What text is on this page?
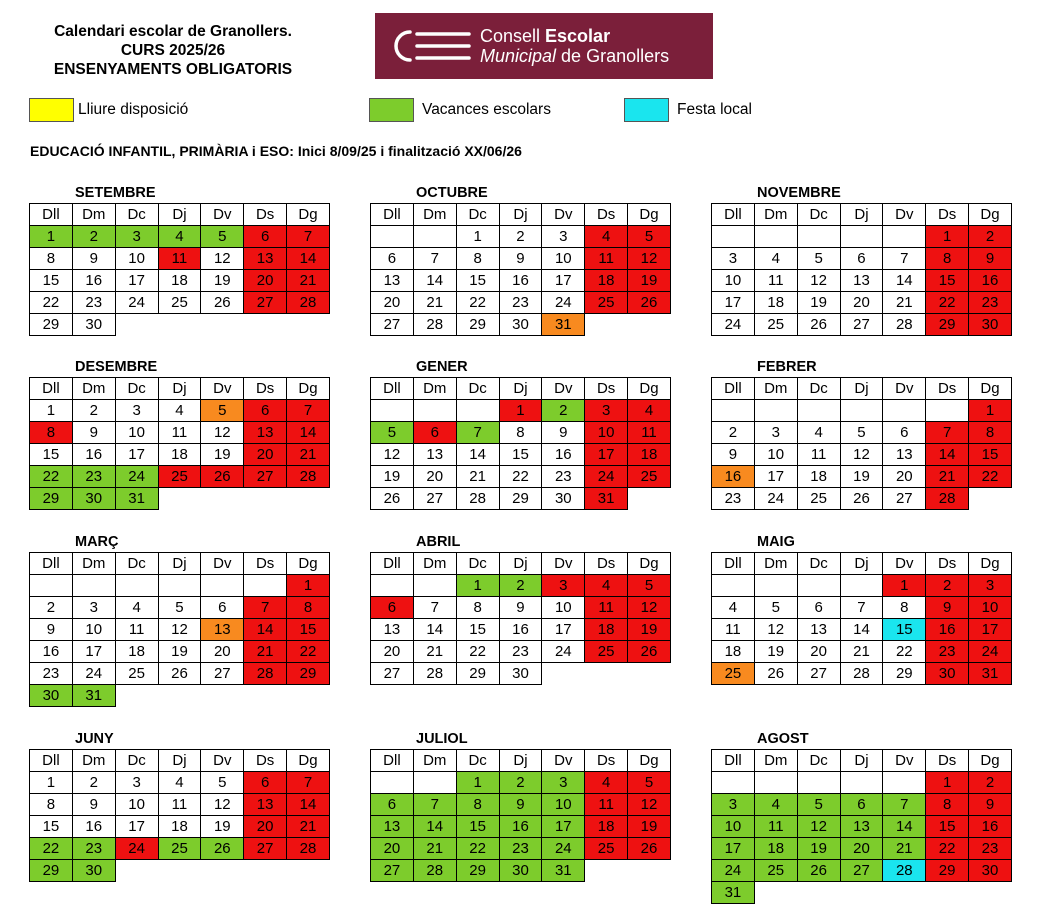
Calendari escolar de Granollers.
CURS 2025/26
ENSENYAMENTS OBLIGATORIS
Consell Escolar
Municipal de Granollers
Lliure disposició	Vacances escolars	Festa local
EDUCACIÓ INFANTIL, PRIMÀRIA i ESO: Inici 8/09/25 i finalització XX/06/26
SETEMBRE
Dll	Dm	Dc	Dj	Dv	Ds	Dg
1	2	3	4	5	6	7
8	9	10	11	12	13	14
15	16	17	18	19	20	21
22	23	24	25	26	27	28
29	30					
OCTUBRE
Dll	Dm	Dc	Dj	Dv	Ds	Dg
		1	2	3	4	5
6	7	8	9	10	11	12
13	14	15	16	17	18	19
20	21	22	23	24	25	26
27	28	29	30	31		
NOVEMBRE
Dll	Dm	Dc	Dj	Dv	Ds	Dg
					1	2
3	4	5	6	7	8	9
10	11	12	13	14	15	16
17	18	19	20	21	22	23
24	25	26	27	28	29	30
DESEMBRE
Dll	Dm	Dc	Dj	Dv	Ds	Dg
1	2	3	4	5	6	7
8	9	10	11	12	13	14
15	16	17	18	19	20	21
22	23	24	25	26	27	28
29	30	31				
GENER
Dll	Dm	Dc	Dj	Dv	Ds	Dg
			1	2	3	4
5	6	7	8	9	10	11
12	13	14	15	16	17	18
19	20	21	22	23	24	25
26	27	28	29	30	31	
FEBRER
Dll	Dm	Dc	Dj	Dv	Ds	Dg
						1
2	3	4	5	6	7	8
9	10	11	12	13	14	15
16	17	18	19	20	21	22
23	24	25	26	27	28	
MARÇ
Dll	Dm	Dc	Dj	Dv	Ds	Dg
						1
2	3	4	5	6	7	8
9	10	11	12	13	14	15
16	17	18	19	20	21	22
23	24	25	26	27	28	29
30	31					
ABRIL
Dll	Dm	Dc	Dj	Dv	Ds	Dg
		1	2	3	4	5
6	7	8	9	10	11	12
13	14	15	16	17	18	19
20	21	22	23	24	25	26
27	28	29	30			
MAIG
Dll	Dm	Dc	Dj	Dv	Ds	Dg
				1	2	3
4	5	6	7	8	9	10
11	12	13	14	15	16	17
18	19	20	21	22	23	24
25	26	27	28	29	30	31
JUNY
Dll	Dm	Dc	Dj	Dv	Ds	Dg
1	2	3	4	5	6	7
8	9	10	11	12	13	14
15	16	17	18	19	20	21
22	23	24	25	26	27	28
29	30					
JULIOL
Dll	Dm	Dc	Dj	Dv	Ds	Dg
		1	2	3	4	5
6	7	8	9	10	11	12
13	14	15	16	17	18	19
20	21	22	23	24	25	26
27	28	29	30	31		
AGOST
Dll	Dm	Dc	Dj	Dv	Ds	Dg
					1	2
3	4	5	6	7	8	9
10	11	12	13	14	15	16
17	18	19	20	21	22	23
24	25	26	27	28	29	30
31						
